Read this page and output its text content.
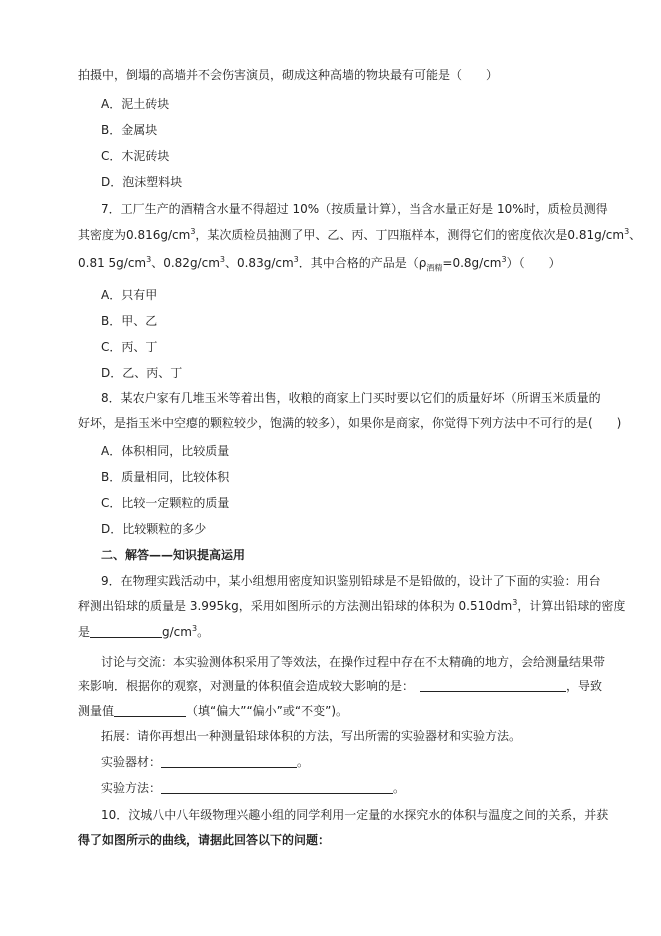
拍摄中，倒塌的高墙并不会伤害演员，砌成这种高墙的物块最有可能是（　　）
A．泥土砖块
B．金属块
C．木泥砖块
D．泡沫塑料块
7．工厂生产的酒精含水量不得超过 10%（按质量计算），当含水量正好是 10%时，质检员测得
其密度为$0.816g/cm^3$，某次质检员抽测了甲、乙、丙、丁四瓶样本，测得它们的密度依次是$0.81g/cm^3$、
0.81 $5g/cm^3$、$0.82g/cm^3$、$0.83g/cm^3$．其中合格的产品是$(\rho_{酒精}=0.8g/cm^3)$（　　）
A．只有甲
B．甲、乙
C．丙、丁
D．乙、丙、丁
8．某农户家有几堆玉米等着出售，收粮的商家上门买时要以它们的质量好坏（所谓玉米质量的
好坏，是指玉米中空瘪的颗粒较少，饱满的较多），如果你是商家，你觉得下列方法中不可行的是(　　)
A．体积相同，比较质量
B．质量相同，比较体积
C．比较一定颗粒的质量
D．比较颗粒的多少
二、解答——知识提高运用
9．在物理实践活动中，某小组想用密度知识鉴别铅球是不是铅做的，设计了下面的实验：用台
秤测出铅球的质量是 3.995kg，采用如图所示的方法测出铅球的体积为 $0.510dm^3$，计算出铅球的密度
是	$g/cm^3$。
讨论与交流：本实验测体积采用了等效法，在操作过程中存在不太精确的地方，会给测量结果带
来影响．根据你的观察，对测量的体积值会造成较大影响的是：	，导致
测量值	（填“偏大”“偏小”或“不变”)。
拓展：请你再想出一种测量铅球体积的方法，写出所需的实验器材和实验方法。
实验器材：	。
实验方法：	。
10．汶城八中八年级物理兴趣小组的同学利用一定量的水探究水的体积与温度之间的关系，并获
得了如图所示的曲线，请据此回答以下的问题：
